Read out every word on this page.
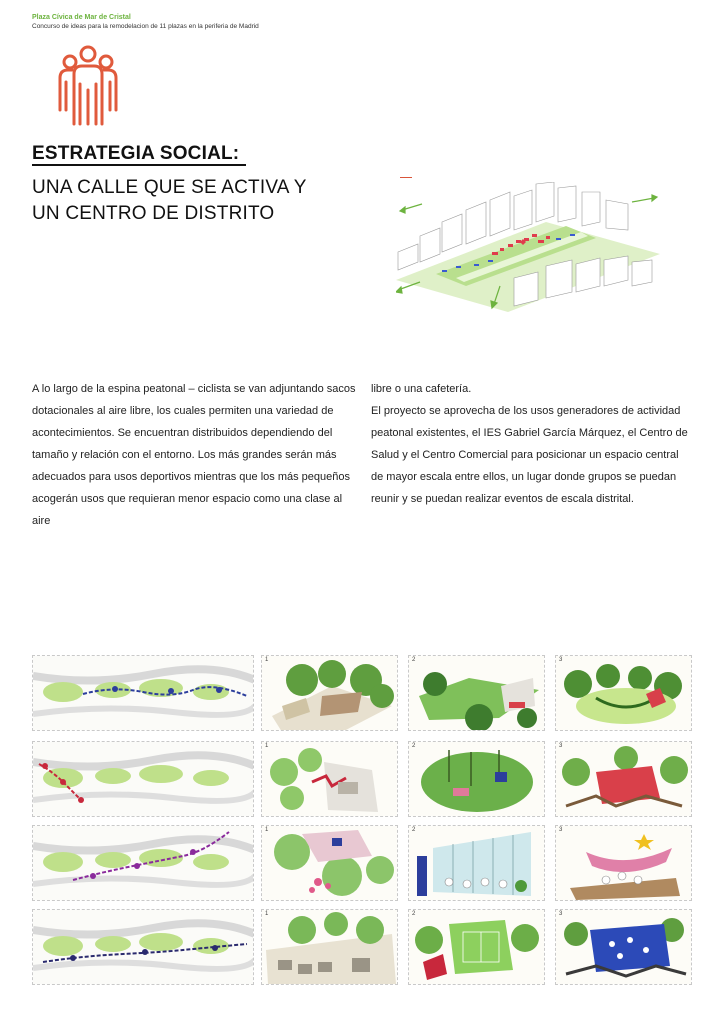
Plaza Cívica de Mar de Cristal
Concurso de ideas para la remodelacion de 11 plazas en la periferia de Madrid
ESTRATEGIA SOCIAL:
UNA CALLE QUE SE ACTIVA Y
UN CENTRO DE DISTRITO

A lo largo de la espina peatonal – ciclista se van adjuntando sacos dotacionales al aire libre, los cuales permiten una variedad de acontecimientos. Se encuentran distribuidos dependiendo del tamaño y relación con el entorno. Los más grandes serán más adecuados para usos deportivos mientras que los más pequeños acogerán usos que requieran menor espacio como una clase al aire

libre o una cafetería.
El proyecto se aprovecha de los usos generadores de actividad peatonal existentes, el IES Gabriel García Márquez, el Centro de Salud y el Centro Comercial para posicionar un espacio central de mayor escala entre ellos, un lugar donde grupos se puedan reunir y se puedan realizar eventos de escala distrital.

1	2	3
1	2	3
1	2	3
1	2	3
